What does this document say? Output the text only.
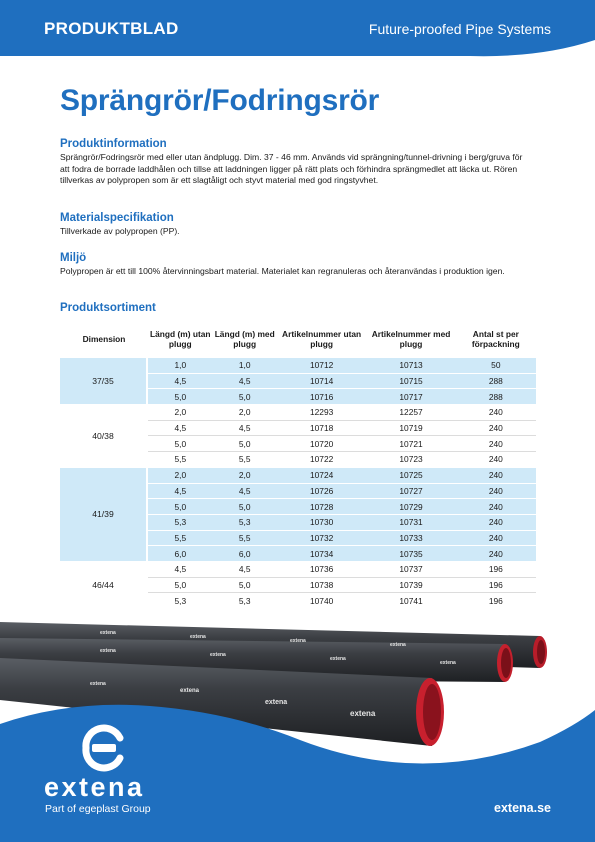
PRODUKTBLAD	Future-proofed Pipe Systems
Sprängrör/Fodringsrör
Produktinformation
Sprängrör/Fodringsrör med eller utan ändplugg. Dim. 37 - 46 mm. Används vid sprängning/tunnel-drivning i berg/gruva för att fodra de borrade laddhålen och tillse att laddningen ligger på rätt plats och förhindra sprängmedlet att läcka ut. Rören tillverkas av polypropen som är ett slagtåligt och styvt material med god ringstyvhet.
Materialspecifikation
Tillverkade av polypropen (PP).
Miljö
Polypropen är ett till 100% återvinningsbart material. Materialet kan regranuleras och återanvändas i produktion igen.
Produktsortiment
Dimension	Längd (m) utan plugg	Längd (m) med plugg	Artikelnummer utan plugg	Artikelnummer med plugg	Antal st per förpackning
37/35	1,0	1,0	10712	10713	50
	4,5	4,5	10714	10715	288
	5,0	5,0	10716	10717	288
40/38	2,0	2,0	12293	12257	240
	4,5	4,5	10718	10719	240
	5,0	5,0	10720	10721	240
	5,5	5,5	10722	10723	240
41/39	2,0	2,0	10724	10725	240
	4,5	4,5	10726	10727	240
	5,0	5,0	10728	10729	240
	5,3	5,3	10730	10731	240
	5,5	5,5	10732	10733	240
	6,0	6,0	10734	10735	240
46/44	4,5	4,5	10736	10737	196
	5,0	5,0	10738	10739	196
	5,3	5,3	10740	10741	196
extena
extena
extena
extena
extena
extena
extena
extena
extena
extena
extena
extena
extena
Part of egeplast Group	extena.se
